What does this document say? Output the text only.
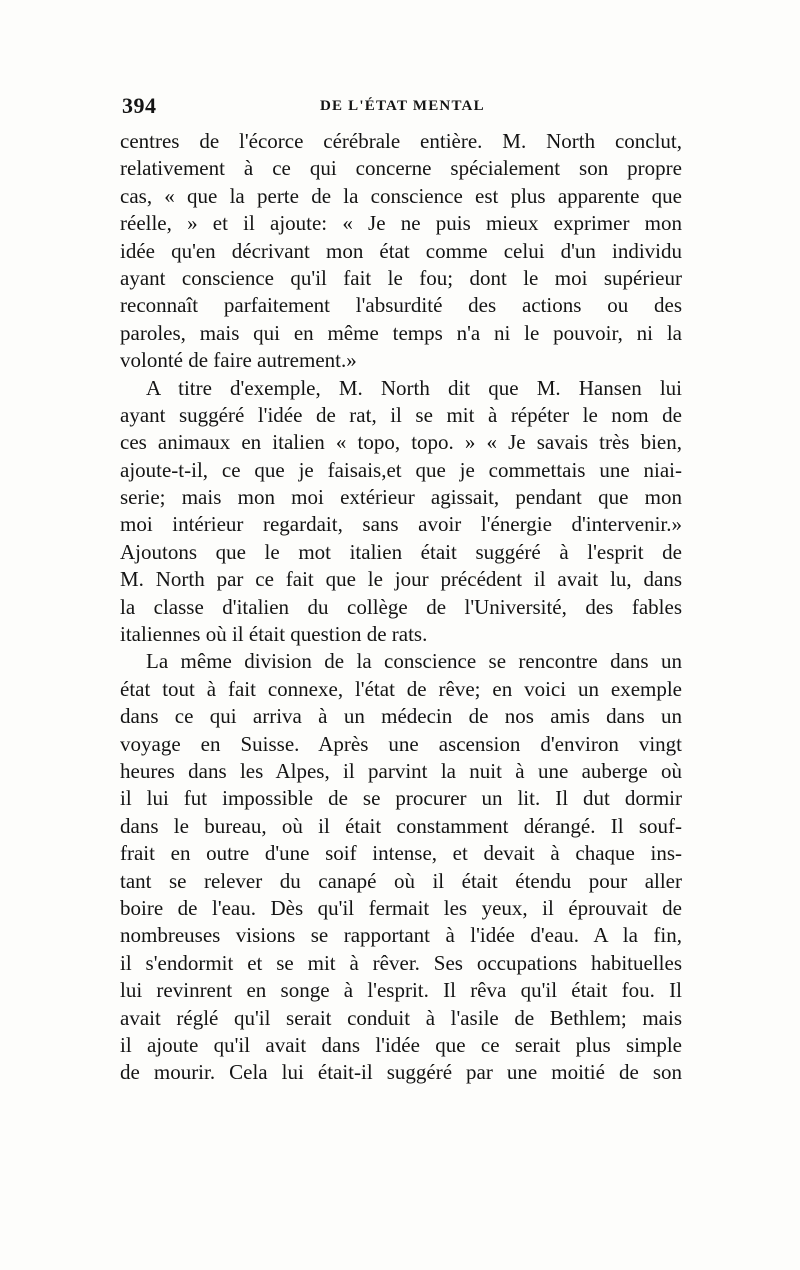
394	DE L'ÉTAT MENTAL
centres de l'écorce cérébrale entière. M. North conclut,
relativement à ce qui concerne spécialement son propre
cas, « que la perte de la conscience est plus apparente que
réelle, » et il ajoute: « Je ne puis mieux exprimer mon
idée qu'en décrivant mon état comme celui d'un individu
ayant conscience qu'il fait le fou; dont le moi supérieur
reconnaît parfaitement l'absurdité des actions ou des
paroles, mais qui en même temps n'a ni le pouvoir, ni la
volonté de faire autrement.»
A titre d'exemple, M. North dit que M. Hansen lui
ayant suggéré l'idée de rat, il se mit à répéter le nom de
ces animaux en italien « topo, topo. » « Je savais très bien,
ajoute-t-il, ce que je faisais,et que je commettais une niai-
serie; mais mon moi extérieur agissait, pendant que mon
moi intérieur regardait, sans avoir l'énergie d'intervenir.»
Ajoutons que le mot italien était suggéré à l'esprit de
M. North par ce fait que le jour précédent il avait lu, dans
la classe d'italien du collège de l'Université, des fables
italiennes où il était question de rats.
La même division de la conscience se rencontre dans un
état tout à fait connexe, l'état de rêve; en voici un exemple
dans ce qui arriva à un médecin de nos amis dans un
voyage en Suisse. Après une ascension d'environ vingt
heures dans les Alpes, il parvint la nuit à une auberge où
il lui fut impossible de se procurer un lit. Il dut dormir
dans le bureau, où il était constamment dérangé. Il souf-
frait en outre d'une soif intense, et devait à chaque ins-
tant se relever du canapé où il était étendu pour aller
boire de l'eau. Dès qu'il fermait les yeux, il éprouvait de
nombreuses visions se rapportant à l'idée d'eau. A la fin,
il s'endormit et se mit à rêver. Ses occupations habituelles
lui revinrent en songe à l'esprit. Il rêva qu'il était fou. Il
avait réglé qu'il serait conduit à l'asile de Bethlem; mais
il ajoute qu'il avait dans l'idée que ce serait plus simple
de mourir. Cela lui était-il suggéré par une moitié de son
